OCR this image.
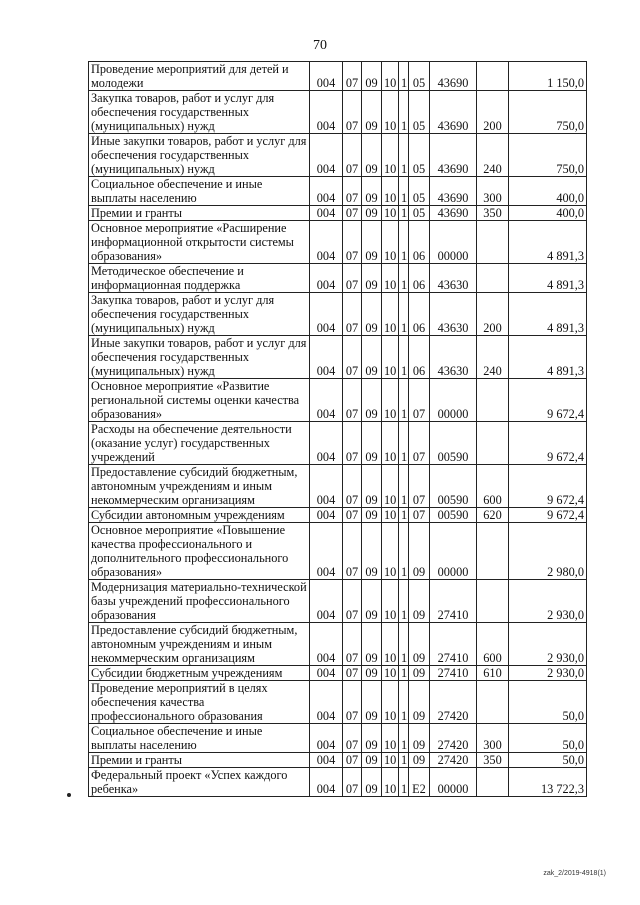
70
Проведение мероприятий для детей и молодежи	004	07	09	10	1	05	43690		1 150,0
Закупка товаров, работ и услуг для обеспечения государственных (муниципальных) нужд	004	07	09	10	1	05	43690	200	750,0
Иные закупки товаров, работ и услуг для обеспечения государственных (муниципальных) нужд	004	07	09	10	1	05	43690	240	750,0
Социальное обеспечение и иные выплаты населению	004	07	09	10	1	05	43690	300	400,0
Премии и гранты	004	07	09	10	1	05	43690	350	400,0
Основное мероприятие «Расширение информационной открытости системы образования»	004	07	09	10	1	06	00000		4 891,3
Методическое обеспечение и информационная поддержка	004	07	09	10	1	06	43630		4 891,3
Закупка товаров, работ и услуг для обеспечения государственных (муниципальных) нужд	004	07	09	10	1	06	43630	200	4 891,3
Иные закупки товаров, работ и услуг для обеспечения государственных (муниципальных) нужд	004	07	09	10	1	06	43630	240	4 891,3
Основное мероприятие «Развитие региональной системы оценки качества образования»	004	07	09	10	1	07	00000		9 672,4
Расходы на обеспечение деятельности (оказание услуг) государственных учреждений	004	07	09	10	1	07	00590		9 672,4
Предоставление субсидий бюджетным, автономным учреждениям и иным некоммерческим организациям	004	07	09	10	1	07	00590	600	9 672,4
Субсидии автономным учреждениям	004	07	09	10	1	07	00590	620	9 672,4
Основное мероприятие «Повышение качества профессионального и дополнительного профессионального образования»	004	07	09	10	1	09	00000		2 980,0
Модернизация материально-технической базы учреждений профессионального образования	004	07	09	10	1	09	27410		2 930,0
Предоставление субсидий бюджетным, автономным учреждениям и иным некоммерческим организациям	004	07	09	10	1	09	27410	600	2 930,0
Субсидии бюджетным учреждениям	004	07	09	10	1	09	27410	610	2 930,0
Проведение мероприятий в целях обеспечения качества профессионального образования	004	07	09	10	1	09	27420		50,0
Социальное обеспечение и иные выплаты населению	004	07	09	10	1	09	27420	300	50,0
Премии и гранты	004	07	09	10	1	09	27420	350	50,0
Федеральный проект «Успех каждого ребенка»	004	07	09	10	1	E2	00000		13 722,3
zak_2/2019-4918(1)
